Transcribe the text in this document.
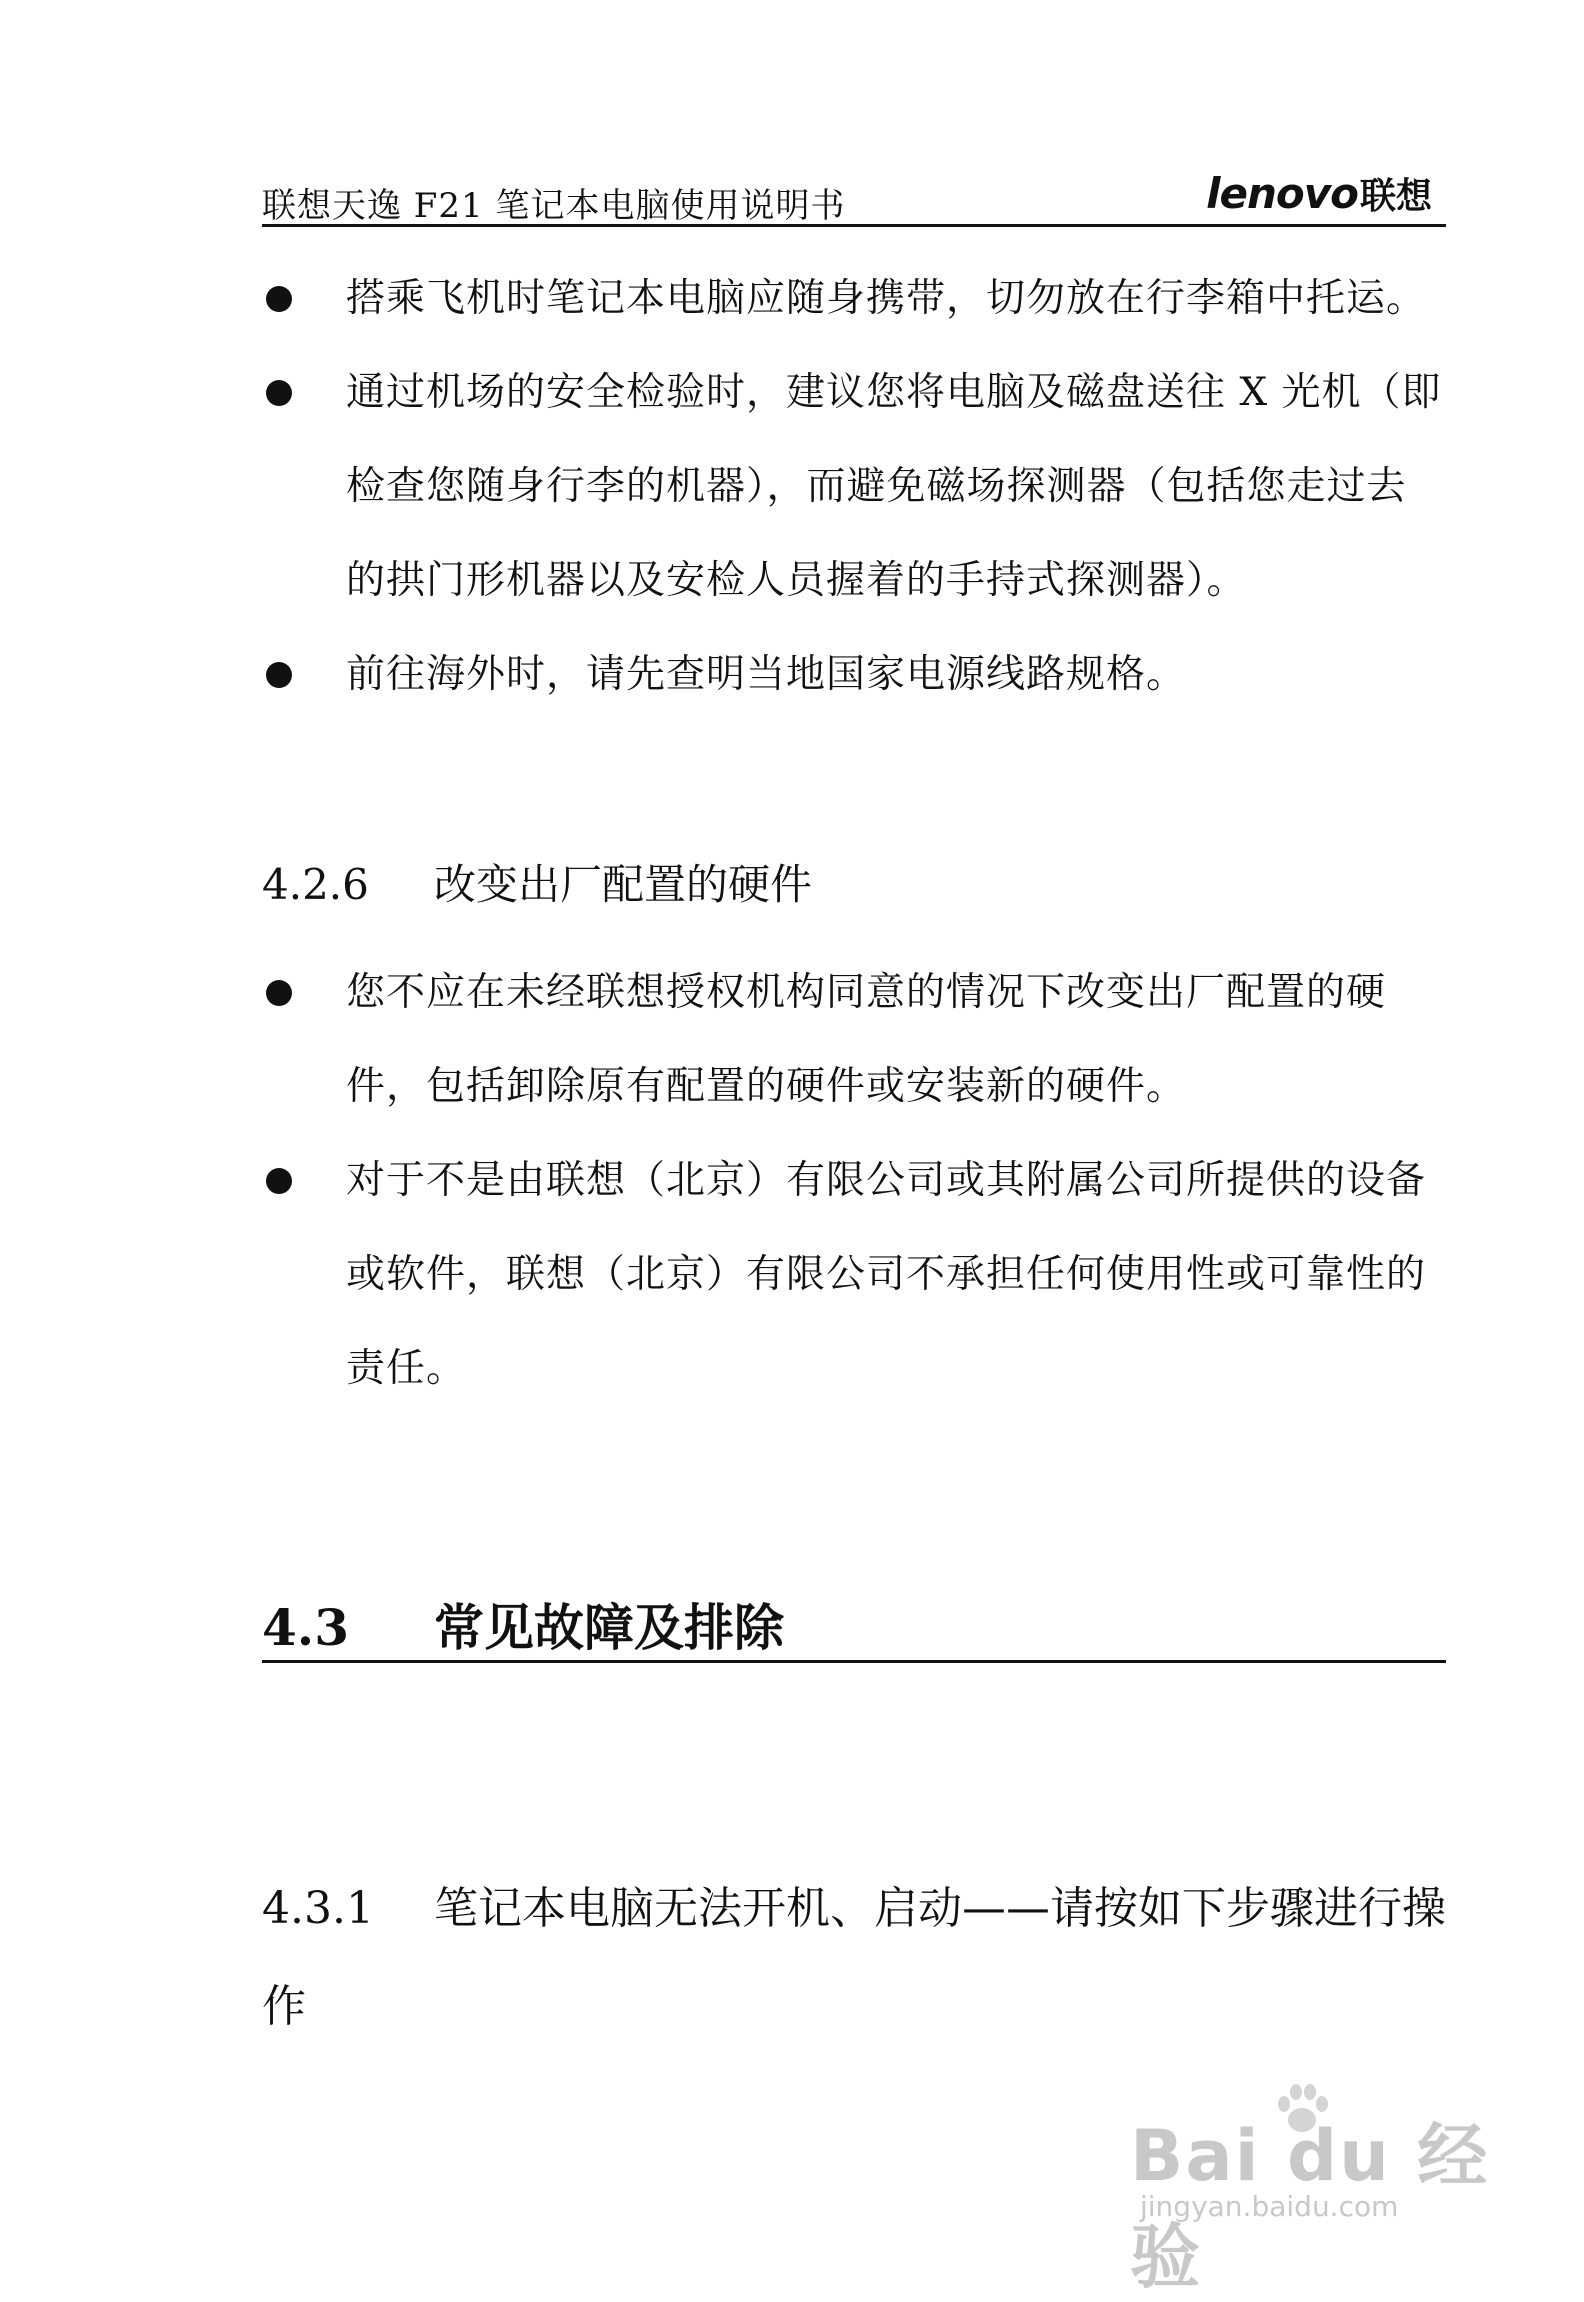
联想天逸 F21 笔记本电脑使用说明书	lenovo联想
搭乘飞机时笔记本电脑应随身携带，切勿放在行李箱中托运。
通过机场的安全检验时，建议您将电脑及磁盘送往 X 光机（即检查您随身行李的机器），而避免磁场探测器（包括您走过去的拱门形机器以及安检人员握着的手持式探测器）。
前往海外时，请先查明当地国家电源线路规格。
4.2.6 改变出厂配置的硬件
您不应在未经联想授权机构同意的情况下改变出厂配置的硬件，包括卸除原有配置的硬件或安装新的硬件。
对于不是由联想（北京）有限公司或其附属公司所提供的设备或软件，联想（北京）有限公司不承担任何使用性或可靠性的责任。
4.3 常见故障及排除
4.3.1 笔记本电脑无法开机、启动——请按如下步骤进行操作
Bai du 经验
jingyan.baidu.com
